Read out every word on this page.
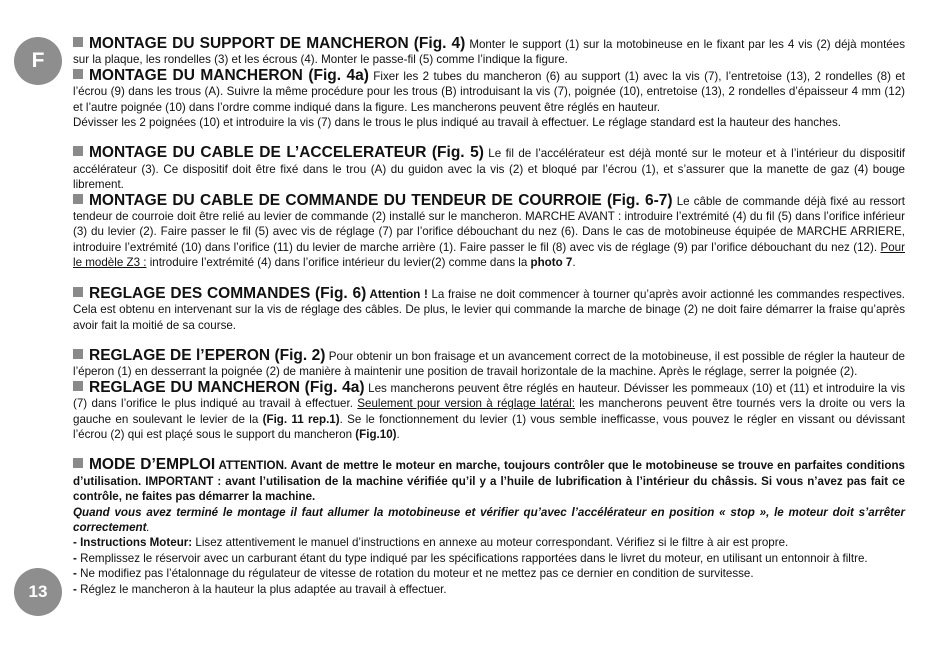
F
13

MONTAGE DU SUPPORT DE MANCHERON (Fig. 4) Monter le support (1) sur la motobineuse en le fixant par les 4 vis (2) déjà montées sur la plaque, les rondelles (3) et les écrous (4). Monter le passe-fil (5) comme l’indique la figure.

MONTAGE DU MANCHERON (Fig. 4a) Fixer les 2 tubes du mancheron (6) au support (1) avec la vis (7), l’entretoise (13), 2 rondelles (8) et l’écrou (9) dans les trous (A). Suivre la même procédure pour les trous (B) introduisant la vis (7), poignée (10), entretoise (13), 2 rondelles d’épaisseur 4 mm (12) et l’autre poignée (10) dans l’ordre comme indiqué dans la figure. Les mancherons peuvent être réglés en hauteur.

Dévisser les 2 poignées (10) et introduire la vis (7) dans le trous le plus indiqué au travail à effectuer. Le réglage standard est la hauteur des hanches.

MONTAGE DU CABLE DE L’ACCELERATEUR (Fig. 5) Le fil de l’accélérateur est déjà monté sur le moteur et à l’intérieur du dispositif accélérateur (3). Ce dispositif doit être fixé dans le trou (A) du guidon avec la vis (2) et bloqué par l’écrou (1), et s’assurer que la manette de gaz (4) bouge librement.

MONTAGE DU CABLE DE COMMANDE DU TENDEUR DE COURROIE (Fig. 6-7) Le câble de commande déjà fixé au ressort tendeur de courroie doit être relié au levier de commande (2) installé sur le mancheron. MARCHE AVANT : introduire l’extrémité (4) du fil (5) dans l’orifice inférieur (3) du levier (2). Faire passer le fil (5) avec vis de réglage (7) par l’orifice débouchant du nez (6). Dans le cas de motobineuse équipée de MARCHE ARRIERE, introduire l’extrémité (10) dans l’orifice (11) du levier de marche arrière (1). Faire passer le fil (8) avec vis de réglage (9) par l’orifice débouchant du nez (12). Pour le modèle Z3 : introduire l’extrémité (4) dans l’orifice intérieur du levier(2) comme dans la photo 7.

REGLAGE DES COMMANDES (Fig. 6) Attention ! La fraise ne doit commencer à tourner qu’après avoir actionné les commandes respectives. Cela est obtenu en intervenant sur la vis de réglage des câbles. De plus, le levier qui commande la marche de binage (2) ne doit faire démarrer la fraise qu’après avoir fait la moitié de sa course.

REGLAGE DE l’EPERON (Fig. 2) Pour obtenir un bon fraisage et un avancement correct de la motobineuse, il est possible de régler la hauteur de l’éperon (1) en desserrant la poignée (2) de manière à maintenir une position de travail horizontale de la machine. Après le réglage, serrer la poignée (2).

REGLAGE DU MANCHERON (Fig. 4a) Les mancherons peuvent être réglés en hauteur. Dévisser les pommeaux (10) et (11) et introduire la vis (7) dans l’orifice le plus indiqué au travail à effectuer. Seulement pour version à réglage latéral: les mancherons peuvent être tournés vers la droite ou vers la gauche en soulevant le levier de la (Fig. 11 rep.1). Se le fonctionnement du levier (1) vous semble inefficasse, vous pouvez le régler en vissant ou dévissant l’écrou (2) qui est plaçé sous le support du mancheron (Fig.10).

MODE D’EMPLOI ATTENTION. Avant de mettre le moteur en marche, toujours contrôler que le motobineuse se trouve en parfaites conditions d’utilisation. IMPORTANT : avant l’utilisation de la machine vérifiée qu’il y a l’huile de lubrification à l’intérieur du châssis. Si vous n’avez pas fait ce contrôle, ne faites pas démarrer la machine.

Quand vous avez terminé le montage il faut allumer la motobineuse et vérifier qu’avec l’accélérateur en position « stop », le moteur doit s’arrêter correctement.

- Instructions Moteur: Lisez attentivement le manuel d’instructions en annexe au moteur correspondant. Vérifiez si le filtre à air est propre.

- Remplissez le réservoir avec un carburant étant du type indiqué par les spécifications rapportées dans le livret du moteur, en utilisant un entonnoir à filtre.

- Ne modifiez pas l’étalonnage du régulateur de vitesse de rotation du moteur et ne mettez pas ce dernier en condition de survitesse.

- Réglez le mancheron à la hauteur la plus adaptée au travail à effectuer.
